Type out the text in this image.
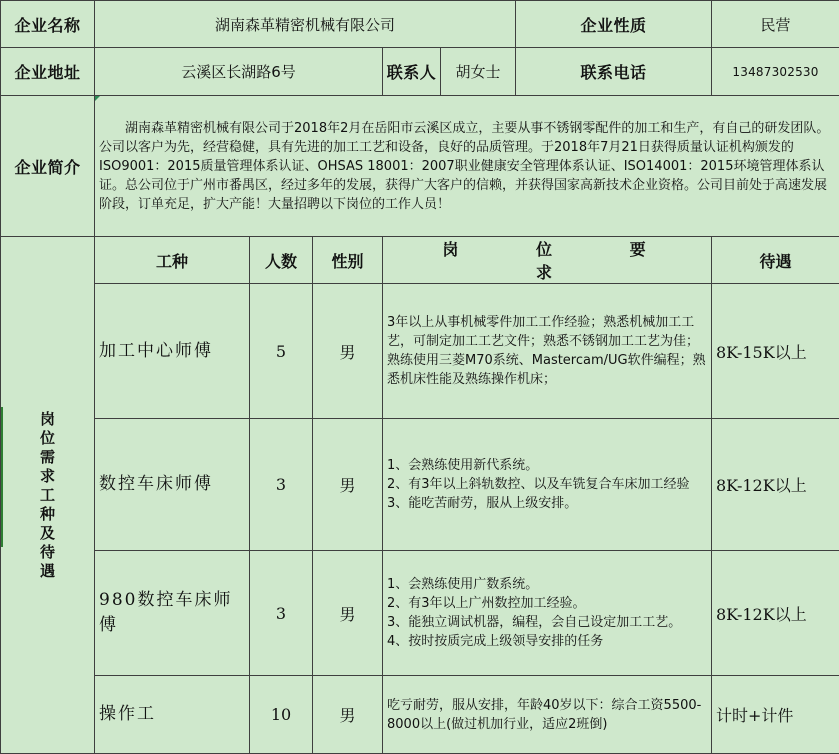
企业名称	湖南森革精密机械有限公司					企业性质	民营
企业地址	云溪区长湖路6号			联系人	胡女士	联系电话	13487302530
企业简介	湖南森革精密机械有限公司于2018年2月在岳阳市云溪区成立，主要从事不锈钢零配件的加工和生产，有自己的研发团队。公司以客户为先，经营稳健，具有先进的加工工艺和设备，良好的品质管理。于2018年7月21日获得质量认证机构颁发的ISO9001：2015质量管理体系认证、OHSAS 18001：2007职业健康安全管理体系认证、ISO14001：2015环境管理体系认证。总公司位于广州市番禺区，经过多年的发展，获得广大客户的信赖，并获得国家高新技术企业资格。公司目前处于高速发展阶段，订单充足，扩大产能！大量招聘以下岗位的工作人员！						

岗位需求工种及待遇	工种	人数	性别	岗 位 要 求			待遇
	加工中心师傅	5	男	3年以上从事机械零件加工工作经验；熟悉机械加工工艺，可制定加工工艺文件；熟悉不锈钢加工工艺为佳；熟练使用三菱M70系统、Mastercam/UG软件编程；熟悉机床性能及熟练操作机床；			8K-15K以上
	数控车床师傅	3	男	1、会熟练使用新代系统。
2、有3年以上斜轨数控、以及车铣复合车床加工经验
3、能吃苦耐劳，服从上级安排。			8K-12K以上
	980数控车床师傅	3	男	1、会熟练使用广数系统。
2、有3年以上广州数控加工经验。
3、能独立调试机器，编程，会自己设定加工工艺。
4、按时按质完成上级领导安排的任务			8K-12K以上
	操作工	10	男	吃亏耐劳，服从安排，年龄40岁以下：综合工资5500-8000以上(做过机加行业，适应2班倒)			计时+计件
